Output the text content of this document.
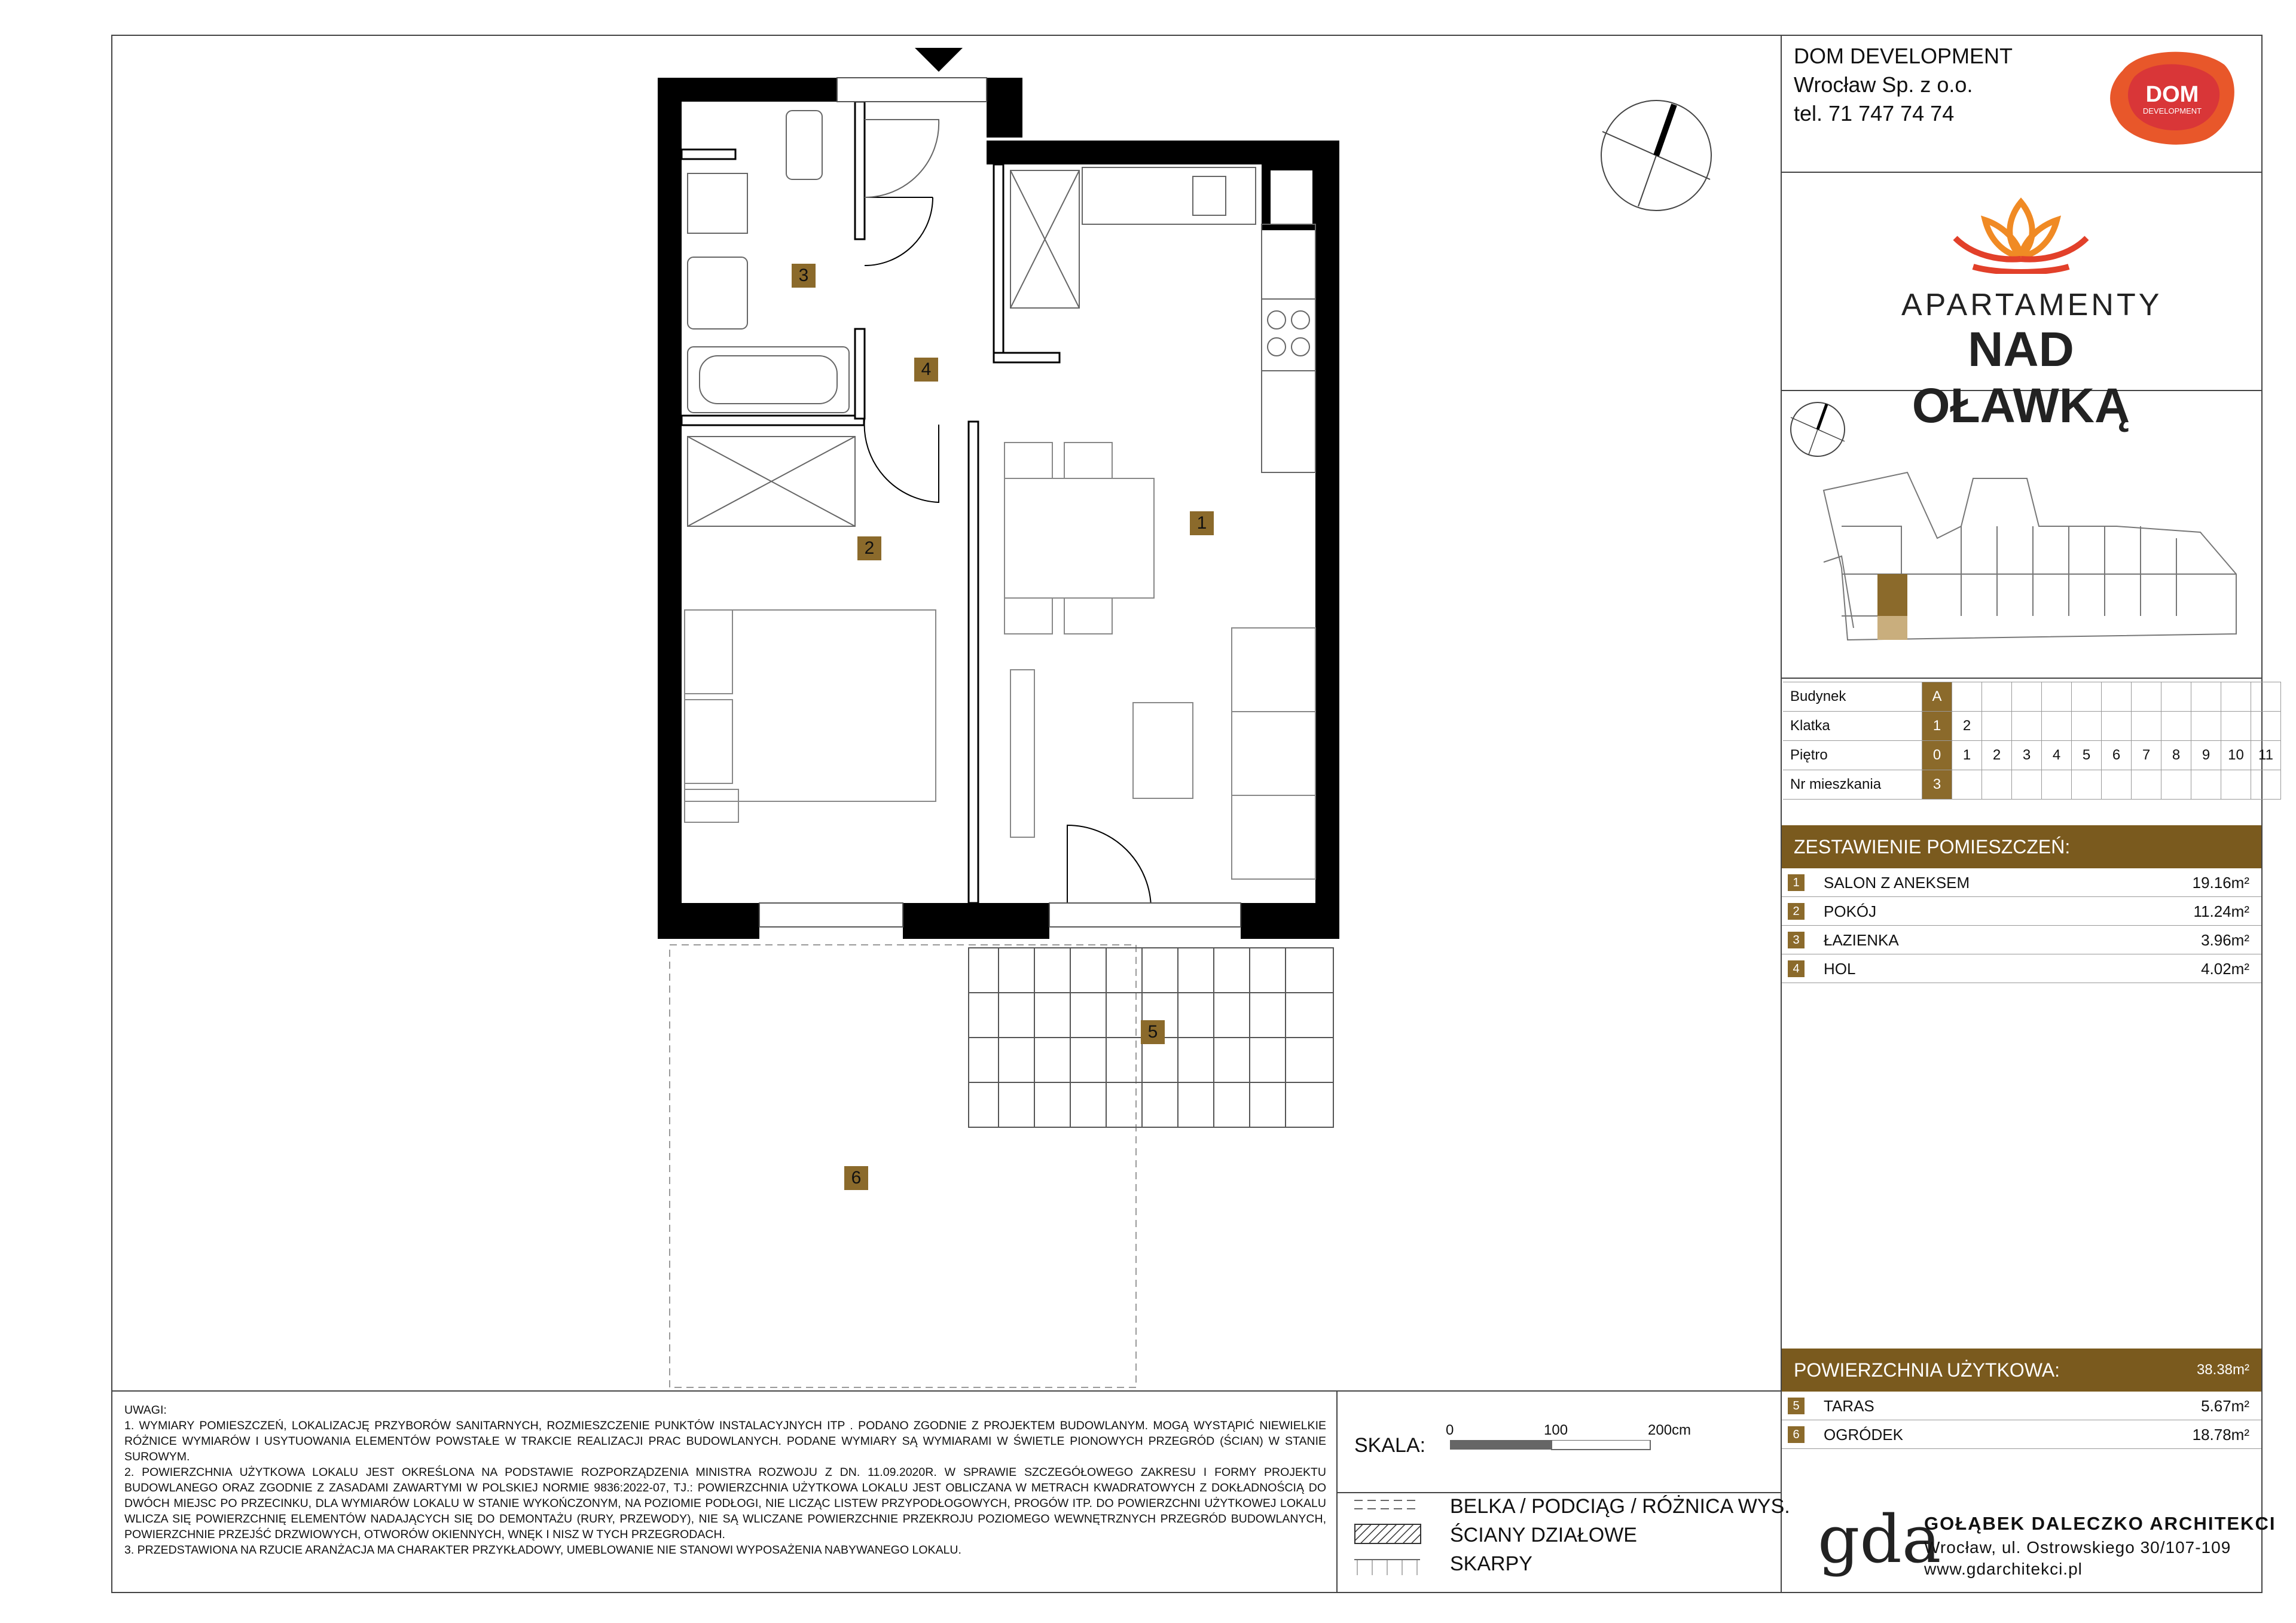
DOM DEVELOPMENT
Wrocław Sp. z o.o.
tel. 71 747 74 74
DOM
DEVELOPMENT
APARTAMENTY
NAD OŁAWKĄ
Budynek	A											
Klatka	1	2										
Piętro	0	1	2	3	4	5	6	7	8	9	10	11
Nr mieszkania	3											
ZESTAWIENIE POMIESZCZEŃ:
1	SALON Z ANEKSEM	19.16m²
2	POKÓJ	11.24m²
3	ŁAZIENKA	3.96m²
4	HOL	4.02m²
POWIERZCHNIA UŻYTKOWA:	38.38m²
5	TARAS	5.67m²
6	OGRÓDEK	18.78m²
1
2
3
4
5
6
UWAGI:
1. WYMIARY POMIESZCZEŃ, LOKALIZACJĘ PRZYBORÓW SANITARNYCH, ROZMIESZCZENIE PUNKTÓW INSTALACYJNYCH ITP . PODANO ZGODNIE Z PROJEKTEM BUDOWLANYM. MOGĄ WYSTĄPIĆ NIEWIELKIE RÓŻNICE WYMIARÓW I USYTUOWANIA ELEMENTÓW POWSTAŁE W TRAKCIE REALIZACJI PRAC BUDOWLANYCH. PODANE WYMIARY SĄ WYMIARAMI W ŚWIETLE PIONOWYCH PRZEGRÓD (ŚCIAN) W STANIE SUROWYM.
2. POWIERZCHNIA UŻYTKOWA LOKALU JEST OKREŚLONA NA PODSTAWIE ROZPORZĄDZENIA MINISTRA ROZWOJU Z DN. 11.09.2020R. W SPRAWIE SZCZEGÓŁOWEGO ZAKRESU I FORMY PROJEKTU BUDOWLANEGO ORAZ ZGODNIE Z ZASADAMI ZAWARTYMI W POLSKIEJ NORMIE 9836:2022-07, TJ.: POWIERZCHNIA UŻYTKOWA LOKALU JEST OBLICZANA W METRACH KWADRATOWYCH Z DOKŁADNOŚCIĄ DO DWÓCH MIEJSC PO PRZECINKU, DLA WYMIARÓW LOKALU W STANIE WYKOŃCZONYM, NA POZIOMIE PODŁOGI, NIE LICZĄC LISTEW PRZYPODŁOGOWYCH, PROGÓW ITP. DO POWIERZCHNI UŻYTKOWEJ LOKALU WLICZA SIĘ POWIERZCHNIĘ ELEMENTÓW NADAJĄCYCH SIĘ DO DEMONTAŻU (RURY, PRZEWODY), NIE SĄ WLICZANE POWIERZCHNIE PRZEKROJU POZIOMEGO WEWNĘTRZNYCH PRZEGRÓD BUDOWLANYCH, POWIERZCHNIE PRZEJŚĆ DRZWIOWYCH, OTWORÓW OKIENNYCH, WNĘK I NISZ W TYCH PRZEGRODACH.
3. PRZEDSTAWIONA NA RZUCIE ARANŻACJA MA CHARAKTER PRZYKŁADOWY, UMEBLOWANIE NIE STANOWI WYPOSAŻENIA NABYWANEGO LOKALU.
SKALA:
0	100	200cm
BELKA / PODCIĄG / RÓŻNICA WYS.
ŚCIANY DZIAŁOWE
SKARPY	gda
GOŁĄBEK DALECZKO ARCHITEKCI
Wrocław, ul. Ostrowskiego 30/107-109
www.gdarchitekci.pl
